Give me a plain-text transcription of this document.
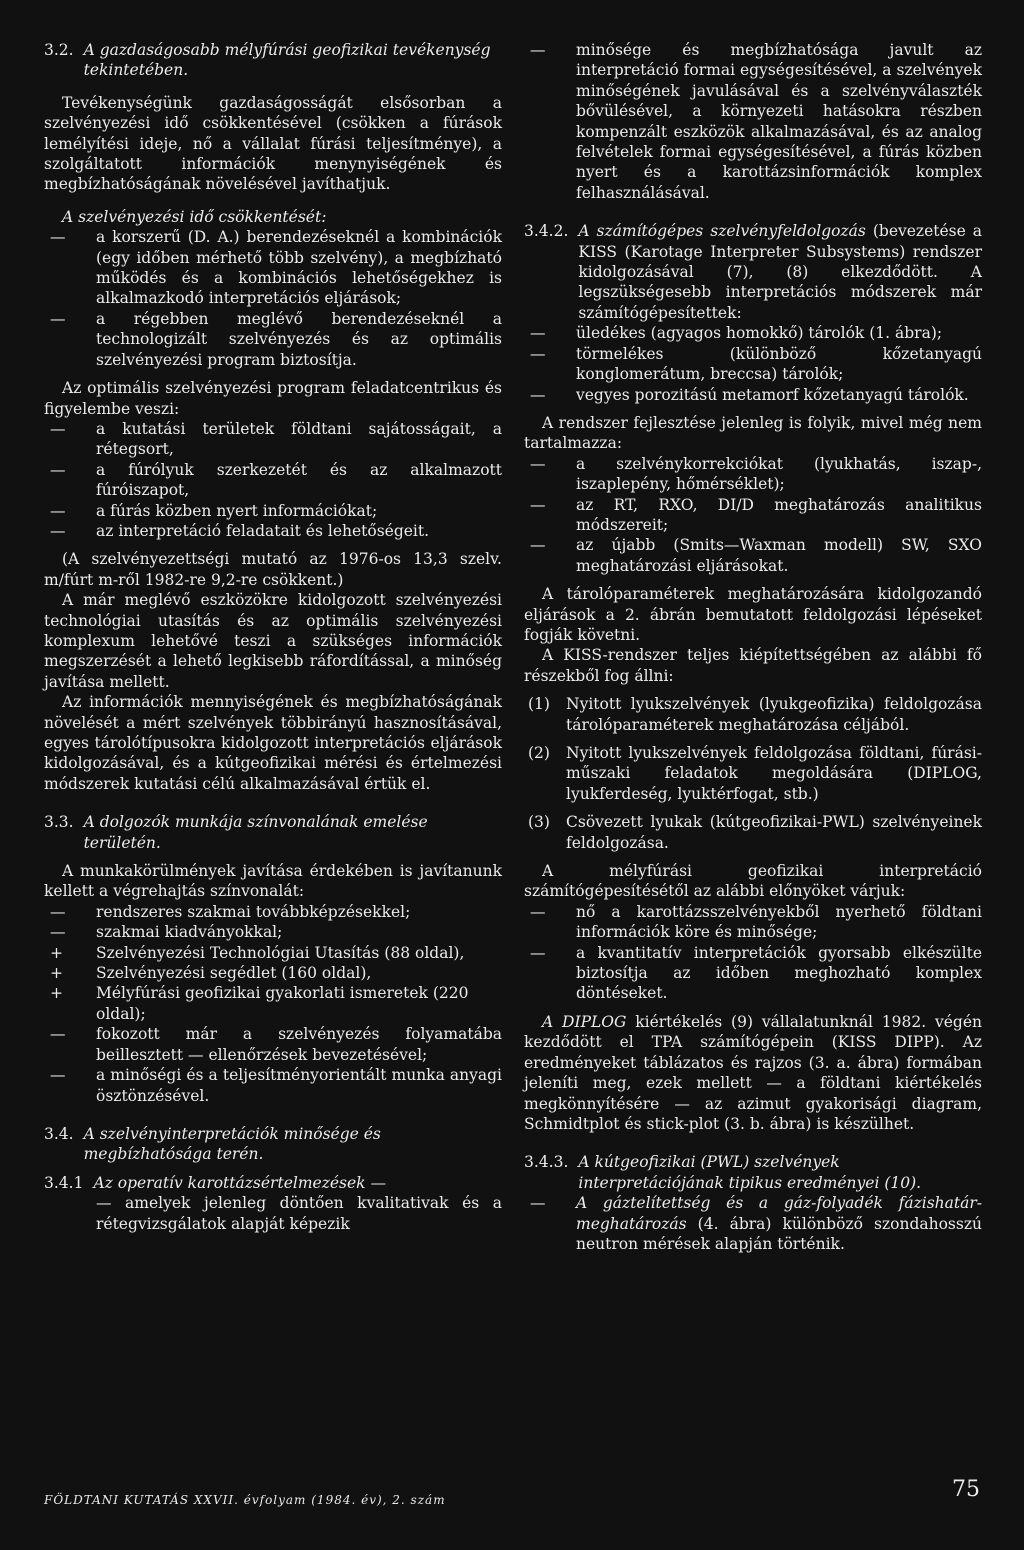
3.2. A gazdaságosabb mélyfúrási geofizikai tevékenység tekintetében.

Tevékenységünk gazdaságosságát elsősorban a szelvényezési idő csökkentésével (csökken a fúrások lemélyítési ideje, nő a vállalat fúrási teljesítménye), a szolgáltatott információk menynyiségének és megbízhatóságának növelésével javíthatjuk.

A szelvényezési idő csökkentését:

—	a korszerű (D. A.) berendezéseknél a kombinációk (egy időben mérhető több szelvény), a megbízható működés és a kombinációs lehetőségekhez is alkalmazkodó interpretációs eljárások;
—	a régebben meglévő berendezéseknél a technologizált szelvényezés és az optimális szelvényezési program biztosítja.

Az optimális szelvényezési program feladatcentrikus és figyelembe veszi:

—	a kutatási területek földtani sajátosságait, a rétegsort,
—	a fúrólyuk szerkezetét és az alkalmazott fúróiszapot,
—	a fúrás közben nyert információkat;
—	az interpretáció feladatait és lehetőségeit.

(A szelvényezettségi mutató az 1976-os 13,3 szelv. m/fúrt m-ről 1982-re 9,2-re csökkent.)

A már meglévő eszközökre kidolgozott szelvényezési technológiai utasítás és az optimális szelvényezési komplexum lehetővé teszi a szükséges információk megszerzését a lehető legkisebb ráfordítással, a minőség javítása mellett.

Az információk mennyiségének és megbízhatóságának növelését a mért szelvények többirányú hasznosításával, egyes tárolótípusokra kidolgozott interpretációs eljárások kidolgozásával, és a kútgeofizikai mérési és értelmezési módszerek kutatási célú alkalmazásával értük el.

3.3. A dolgozók munkája színvonalának emelése területén.

A munkakörülmények javítása érdekében is javítanunk kellett a végrehajtás színvonalát:

—	rendszeres szakmai továbbképzésekkel;
—	szakmai kiadványokkal;
+	Szelvényezési Technológiai Utasítás (88 oldal),
+	Szelvényezési segédlet (160 oldal),
+	Mélyfúrási geofizikai gyakorlati ismeretek (220 oldal);
—	fokozott már a szelvényezés folyamatába beillesztett — ellenőrzések bevezetésével;
—	a minőségi és a teljesítményorientált munka anyagi ösztönzésével.
3.4. A szelvényinterpretációk minősége és megbízhatósága terén.
3.4.1 Az operatív karottázsértelmezések —

— amelyek jelenleg döntően kvalitativak és a rétegvizsgálatok alapját képezik

—	minősége és megbízhatósága javult az interpretáció formai egységesítésével, a szelvények minőségének javulásával és a szelvényválaszték bővülésével, a környezeti hatásokra részben kompenzált eszközök alkalmazásával, és az analog felvételek formai egységesítésével, a fúrás közben nyert és a karottázsinformációk komplex felhasználásával.
3.4.2. A számítógépes szelvényfeldolgozás (bevezetése a KISS (Karotage Interpreter Subsystems) rendszer kidolgozásával (7), (8) elkezdődött. A legszükségesebb interpretációs módszerek már számítógépesítettek:
—	üledékes (agyagos homokkő) tárolók (1. ábra);
—	törmelékes (különböző kőzetanyagú konglomerátum, breccsa) tárolók;
—	vegyes porozitású metamorf kőzetanyagú tárolók.

A rendszer fejlesztése jelenleg is folyik, mivel még nem tartalmazza:

—	a szelvénykorrekciókat (lyukhatás, iszap-, iszaplepény, hőmérséklet);
—	az RT, RXO, DI/D meghatározás analitikus módszereit;
—	az újabb (Smits—Waxman modell) SW, SXO meghatározási eljárásokat.

A tárolóparaméterek meghatározására kidolgozandó eljárások a 2. ábrán bemutatott feldolgozási lépéseket fogják követni.

A KISS-rendszer teljes kiépítettségében az alábbi fő részekből fog állni:

(1)	Nyitott lyukszelvények (lyukgeofizika) feldolgozása tárolóparaméterek meghatározása céljából.
(2)	Nyitott lyukszelvények feldolgozása földtani, fúrási-műszaki feladatok megoldására (DIPLOG, lyukferdeség, lyuktérfogat, stb.)
(3)	Csövezett lyukak (kútgeofizikai-PWL) szelvényeinek feldolgozása.

A mélyfúrási geofizikai interpretáció számítógépesítésétől az alábbi előnyöket várjuk:

—	nő a karottázsszelvényekből nyerhető földtani információk köre és minősége;
—	a kvantitatív interpretációk gyorsabb elkészülte biztosítja az időben meghozható komplex döntéseket.

A DIPLOG kiértékelés (9) vállalatunknál 1982. végén kezdődött el TPA számítógépein (KISS DIPP). Az eredményeket táblázatos és rajzos (3. a. ábra) formában jeleníti meg, ezek mellett — a földtani kiértékelés megkönnyítésére — az azimut gyakorisági diagram, Schmidtplot és stick-plot (3. b. ábra) is készülhet.

3.4.3. A kútgeofizikai (PWL) szelvények interpretációjának tipikus eredményei (10).
—	A gáztelítettség és a gáz-folyadék fázishatár-meghatározás (4. ábra) különböző szondahosszú neutron mérések alapján történik.
FÖLDTANI KUTATÁS XXVII. évfolyam (1984. év), 2. szám	75
